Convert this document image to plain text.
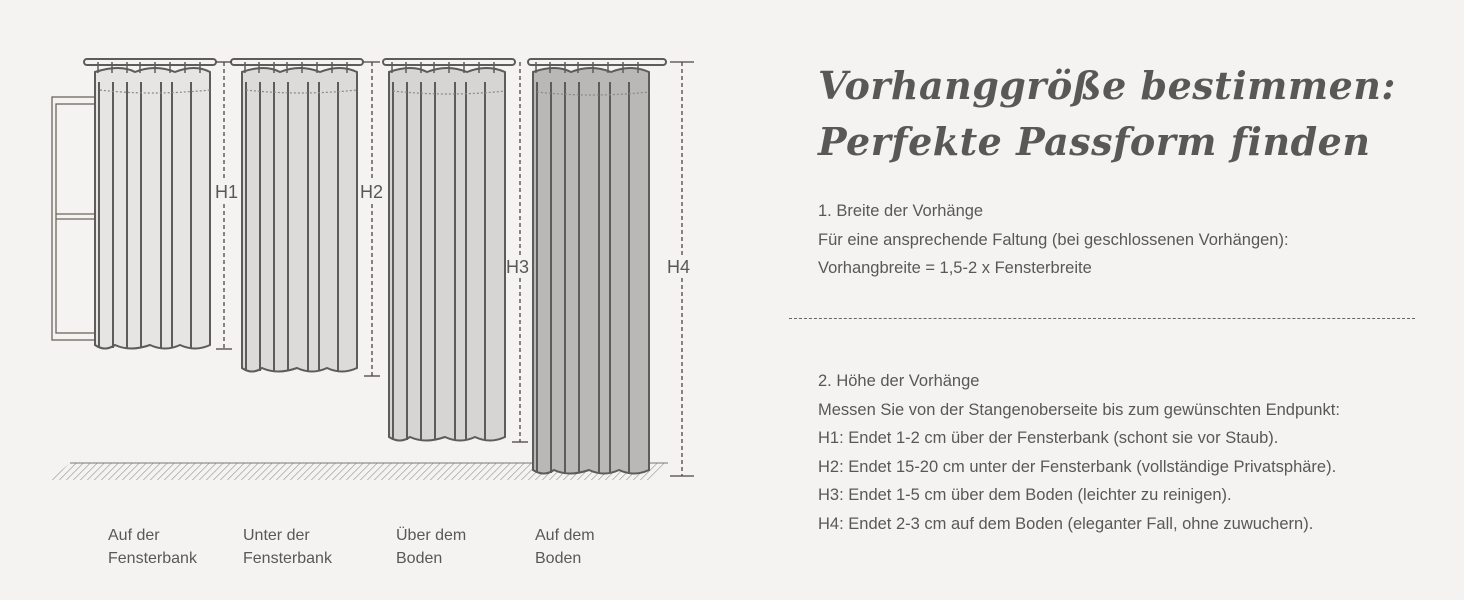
H1	H2
H3	H4
Auf der
Fensterbank
Unter der
Fensterbank
Über dem
Boden
Auf dem
Boden
Vorhanggröße bestimmen:
Perfekte Passform finden
1. Breite der Vorhänge
Für eine ansprechende Faltung (bei geschlossenen Vorhängen):
Vorhangbreite = 1,5-2 x Fensterbreite
2. Höhe der Vorhänge
Messen Sie von der Stangenoberseite bis zum gewünschten Endpunkt:
H1: Endet 1-2 cm über der Fensterbank (schont sie vor Staub).
H2: Endet 15-20 cm unter der Fensterbank (vollständige Privatsphäre).
H3: Endet 1-5 cm über dem Boden (leichter zu reinigen).
H4: Endet 2-3 cm auf dem Boden (eleganter Fall, ohne zuwuchern).
